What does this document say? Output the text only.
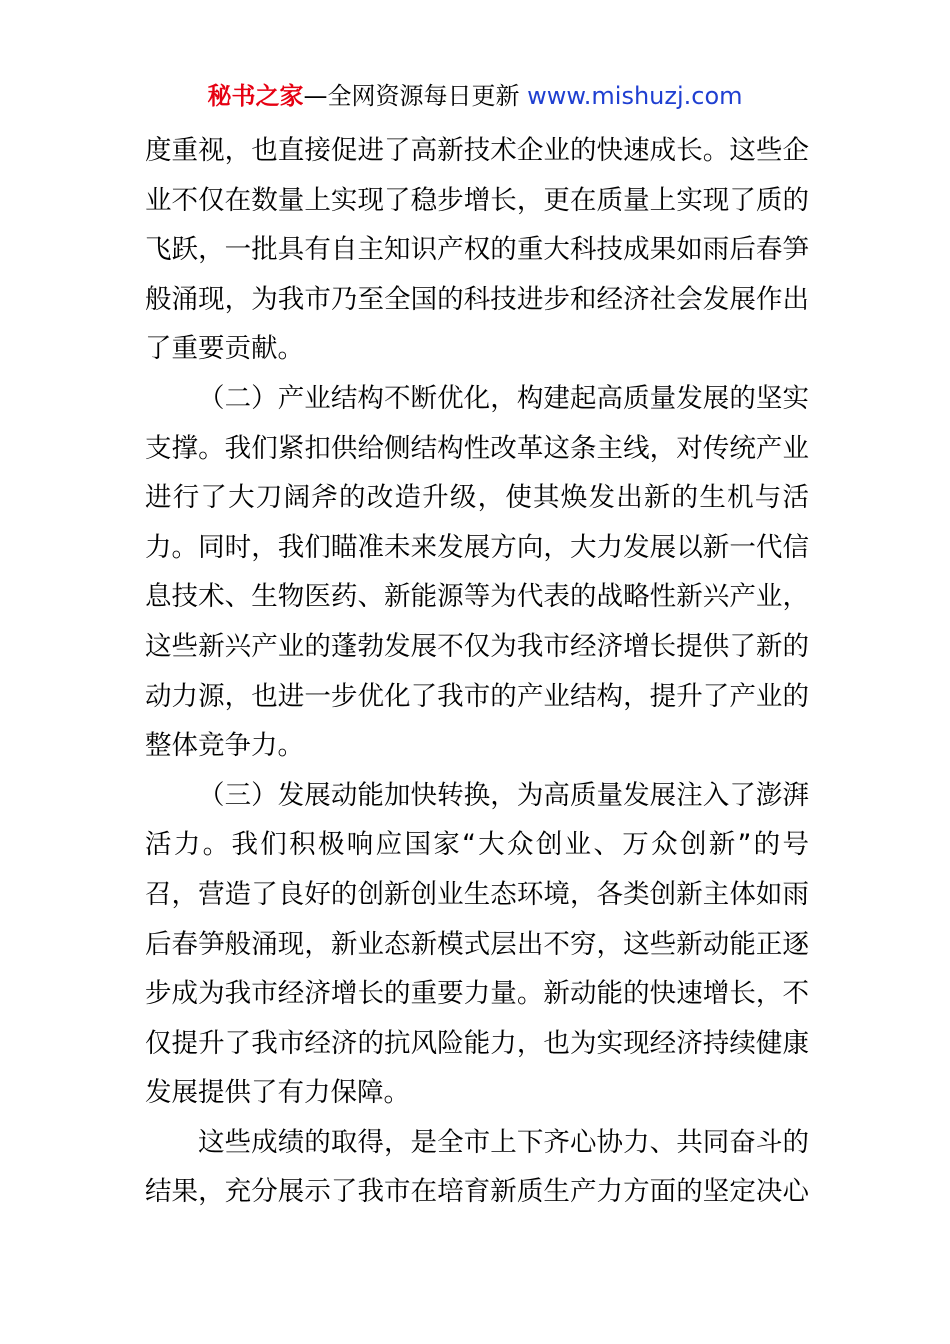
秘书之家—全网资源每日更新 www.mishuzj.com
度重视，也直接促进了高新技术企业的快速成长。这些企
业不仅在数量上实现了稳步增长，更在质量上实现了质的
飞跃，一批具有自主知识产权的重大科技成果如雨后春笋
般涌现，为我市乃至全国的科技进步和经济社会发展作出
了重要贡献。
（二）产业结构不断优化，构建起高质量发展的坚实
支撑。我们紧扣供给侧结构性改革这条主线，对传统产业
进行了大刀阔斧的改造升级，使其焕发出新的生机与活
力。同时，我们瞄准未来发展方向，大力发展以新一代信
息技术、生物医药、新能源等为代表的战略性新兴产业，
这些新兴产业的蓬勃发展不仅为我市经济增长提供了新的
动力源，也进一步优化了我市的产业结构，提升了产业的
整体竞争力。
（三）发展动能加快转换，为高质量发展注入了澎湃
活力。我们积极响应国家“大众创业、万众创新”的号
召，营造了良好的创新创业生态环境，各类创新主体如雨
后春笋般涌现，新业态新模式层出不穷，这些新动能正逐
步成为我市经济增长的重要力量。新动能的快速增长，不
仅提升了我市经济的抗风险能力，也为实现经济持续健康
发展提供了有力保障。
这些成绩的取得，是全市上下齐心协力、共同奋斗的
结果，充分展示了我市在培育新质生产力方面的坚定决心
